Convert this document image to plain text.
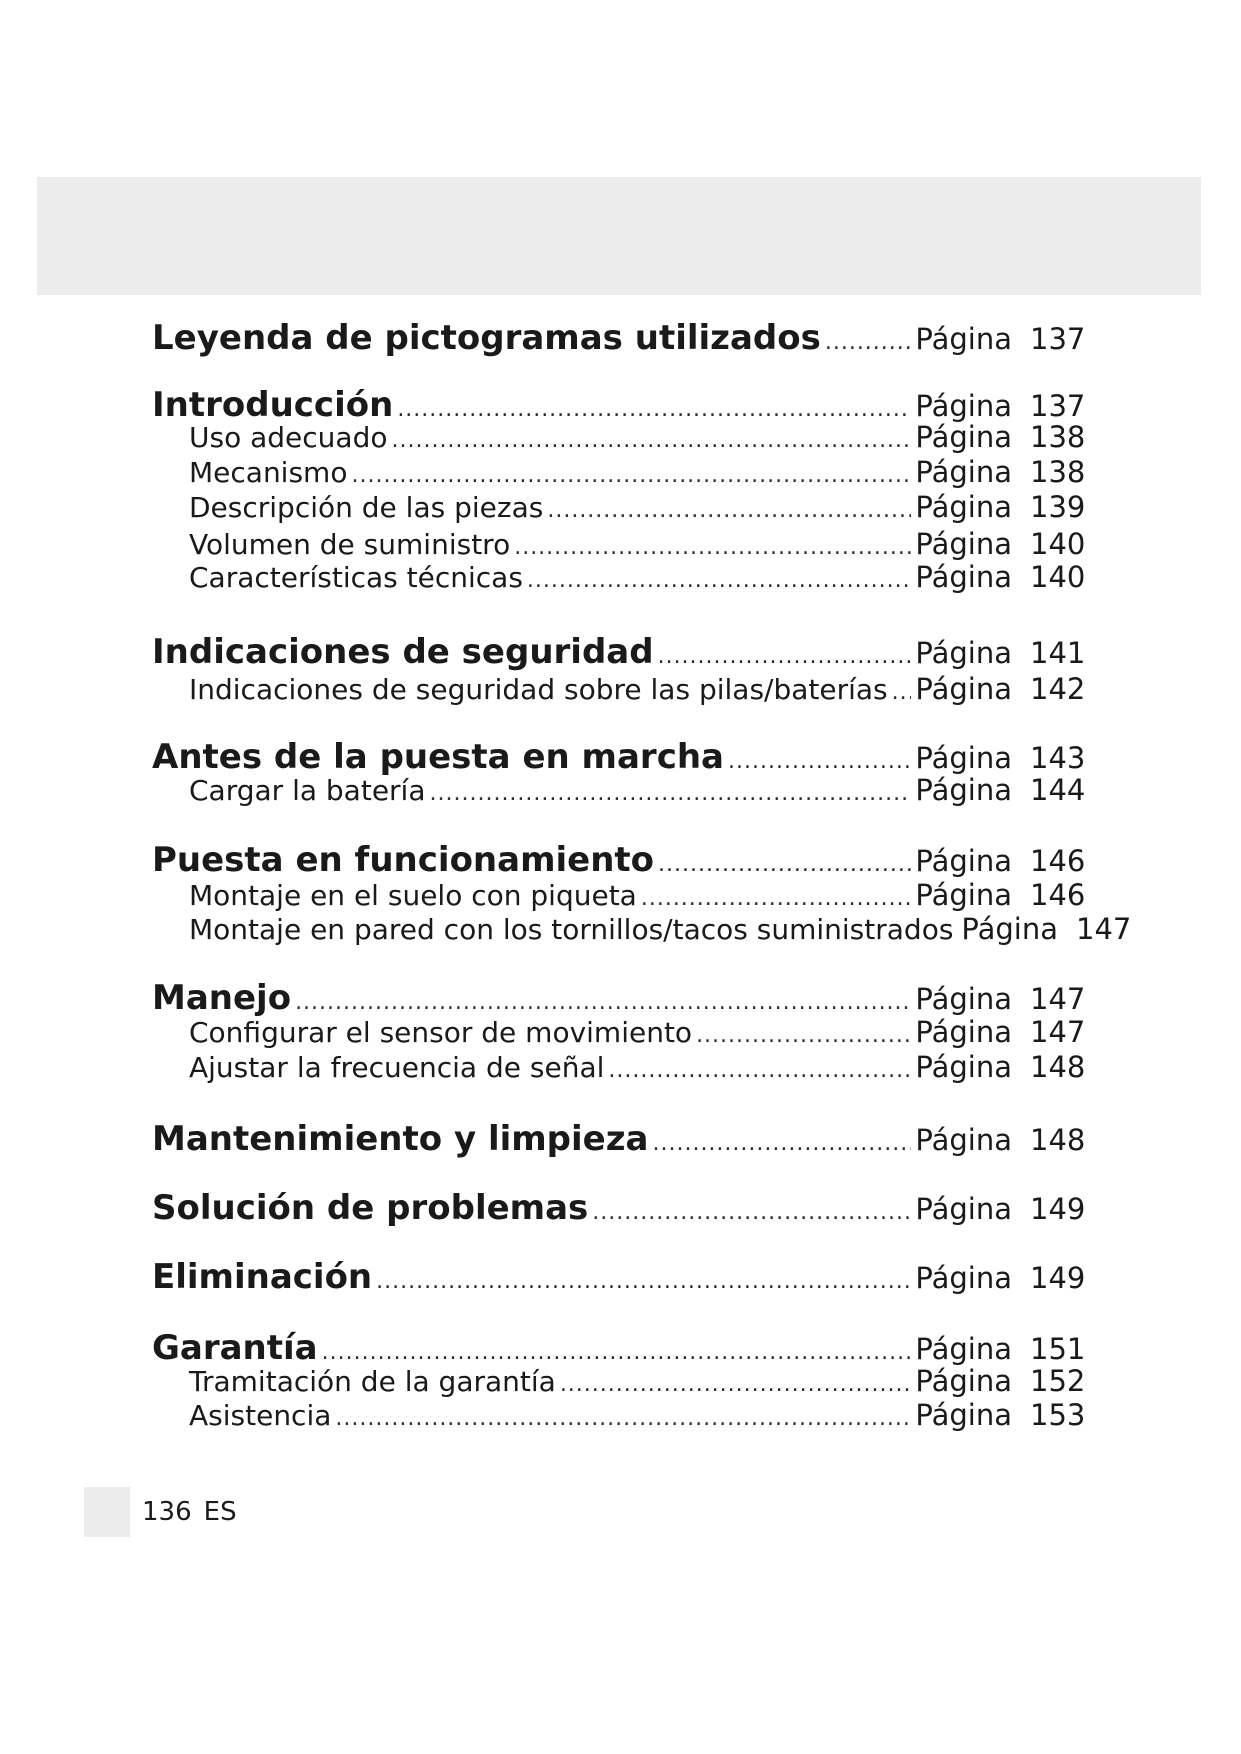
Leyenda de pictogramas utilizados .....	Página 137
Introducción .....	Página 137
Uso adecuado .....	Página 138
Mecanismo .....	Página 138
Descripción de las piezas .....	Página 139
Volumen de suministro .....	Página 140
Características técnicas .....	Página 140
Indicaciones de seguridad .....	Página 141
Indicaciones de seguridad sobre las pilas/baterías ..... Página 142
Antes de la puesta en marcha .....	Página 143
Cargar la batería .....	Página 144
Puesta en funcionamiento .....	Página 146
Montaje en el suelo con piqueta .....	Página 146
Montaje en pared con los tornillos/tacos suministrados Página 147
Manejo .....	Página 147
Configurar el sensor de movimiento .....	Página 147
Ajustar la frecuencia de señal .....	Página 148
Mantenimiento y limpieza .....	Página 148
Solución de problemas .....	Página 149
Eliminación .....	Página 149
Garantía .....	Página 151
Tramitación de la garantía .....	Página 152
Asistencia .....	Página 153
136 ES
